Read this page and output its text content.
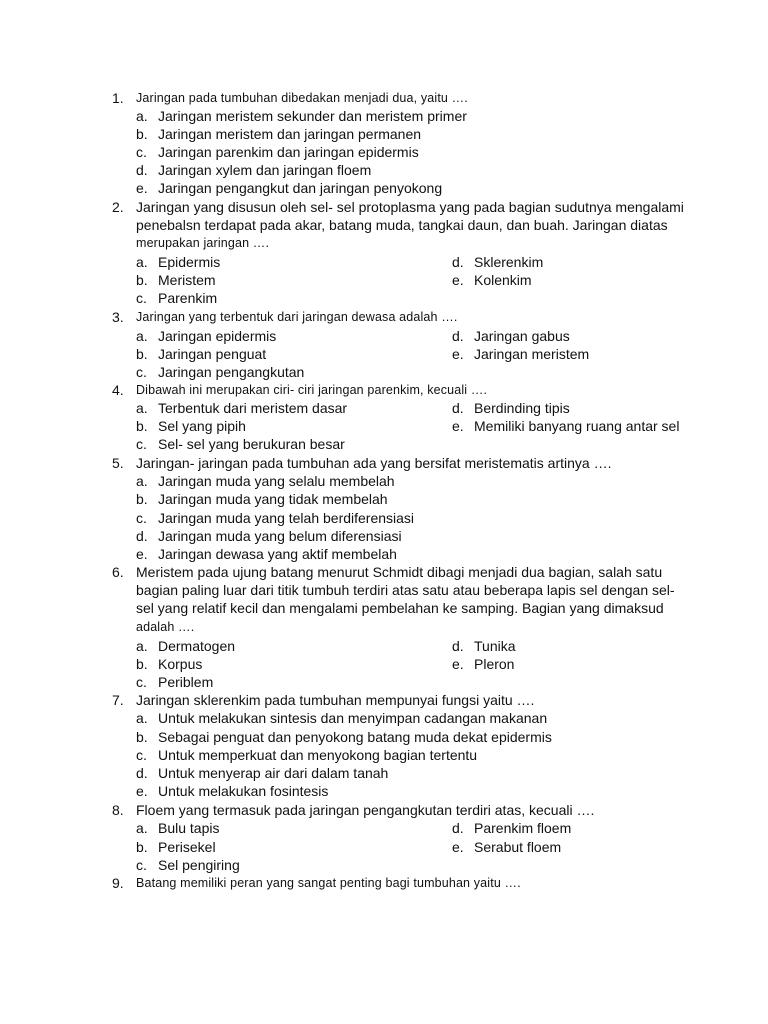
1. Jaringan pada tumbuhan dibedakan menjadi dua, yaitu ….
a. Jaringan meristem sekunder dan meristem primer
b. Jaringan meristem dan jaringan permanen
c. Jaringan parenkim dan jaringan epidermis
d. Jaringan xylem dan jaringan floem
e. Jaringan pengangkut dan jaringan penyokong
2. Jaringan yang disusun oleh sel- sel protoplasma yang pada bagian sudutnya mengalami
penebalsn terdapat pada akar, batang muda, tangkai daun, dan buah. Jaringan diatas
merupakan jaringan ….
a. Epidermis	d. Sklerenkim
b. Meristem	e. Kolenkim
c. Parenkim
3. Jaringan yang terbentuk dari jaringan dewasa adalah ….
a. Jaringan epidermis	d. Jaringan gabus
b. Jaringan penguat	e. Jaringan meristem
c. Jaringan pengangkutan
4. Dibawah ini merupakan ciri- ciri jaringan parenkim, kecuali ….
a. Terbentuk dari meristem dasar	d. Berdinding tipis
b. Sel yang pipih	e. Memiliki banyang ruang antar sel
c. Sel- sel yang berukuran besar
5. Jaringan- jaringan pada tumbuhan ada yang bersifat meristematis artinya ….
a. Jaringan muda yang selalu membelah
b. Jaringan muda yang tidak membelah
c. Jaringan muda yang telah berdiferensiasi
d. Jaringan muda yang belum diferensiasi
e. Jaringan dewasa yang aktif membelah
6. Meristem pada ujung batang menurut Schmidt dibagi menjadi dua bagian, salah satu
bagian paling luar dari titik tumbuh terdiri atas satu atau beberapa lapis sel dengan sel-
sel yang relatif kecil dan mengalami pembelahan ke samping. Bagian yang dimaksud
adalah ….
a. Dermatogen	d. Tunika
b. Korpus	e. Pleron
c. Periblem
7. Jaringan sklerenkim pada tumbuhan mempunyai fungsi yaitu ….
a. Untuk melakukan sintesis dan menyimpan cadangan makanan
b. Sebagai penguat dan penyokong batang muda dekat epidermis
c. Untuk memperkuat dan menyokong bagian tertentu
d. Untuk menyerap air dari dalam tanah
e. Untuk melakukan fosintesis
8. Floem yang termasuk pada jaringan pengangkutan terdiri atas, kecuali ….
a. Bulu tapis	d. Parenkim floem
b. Perisekel	e. Serabut floem
c. Sel pengiring
9. Batang memiliki peran yang sangat penting bagi tumbuhan yaitu ….
